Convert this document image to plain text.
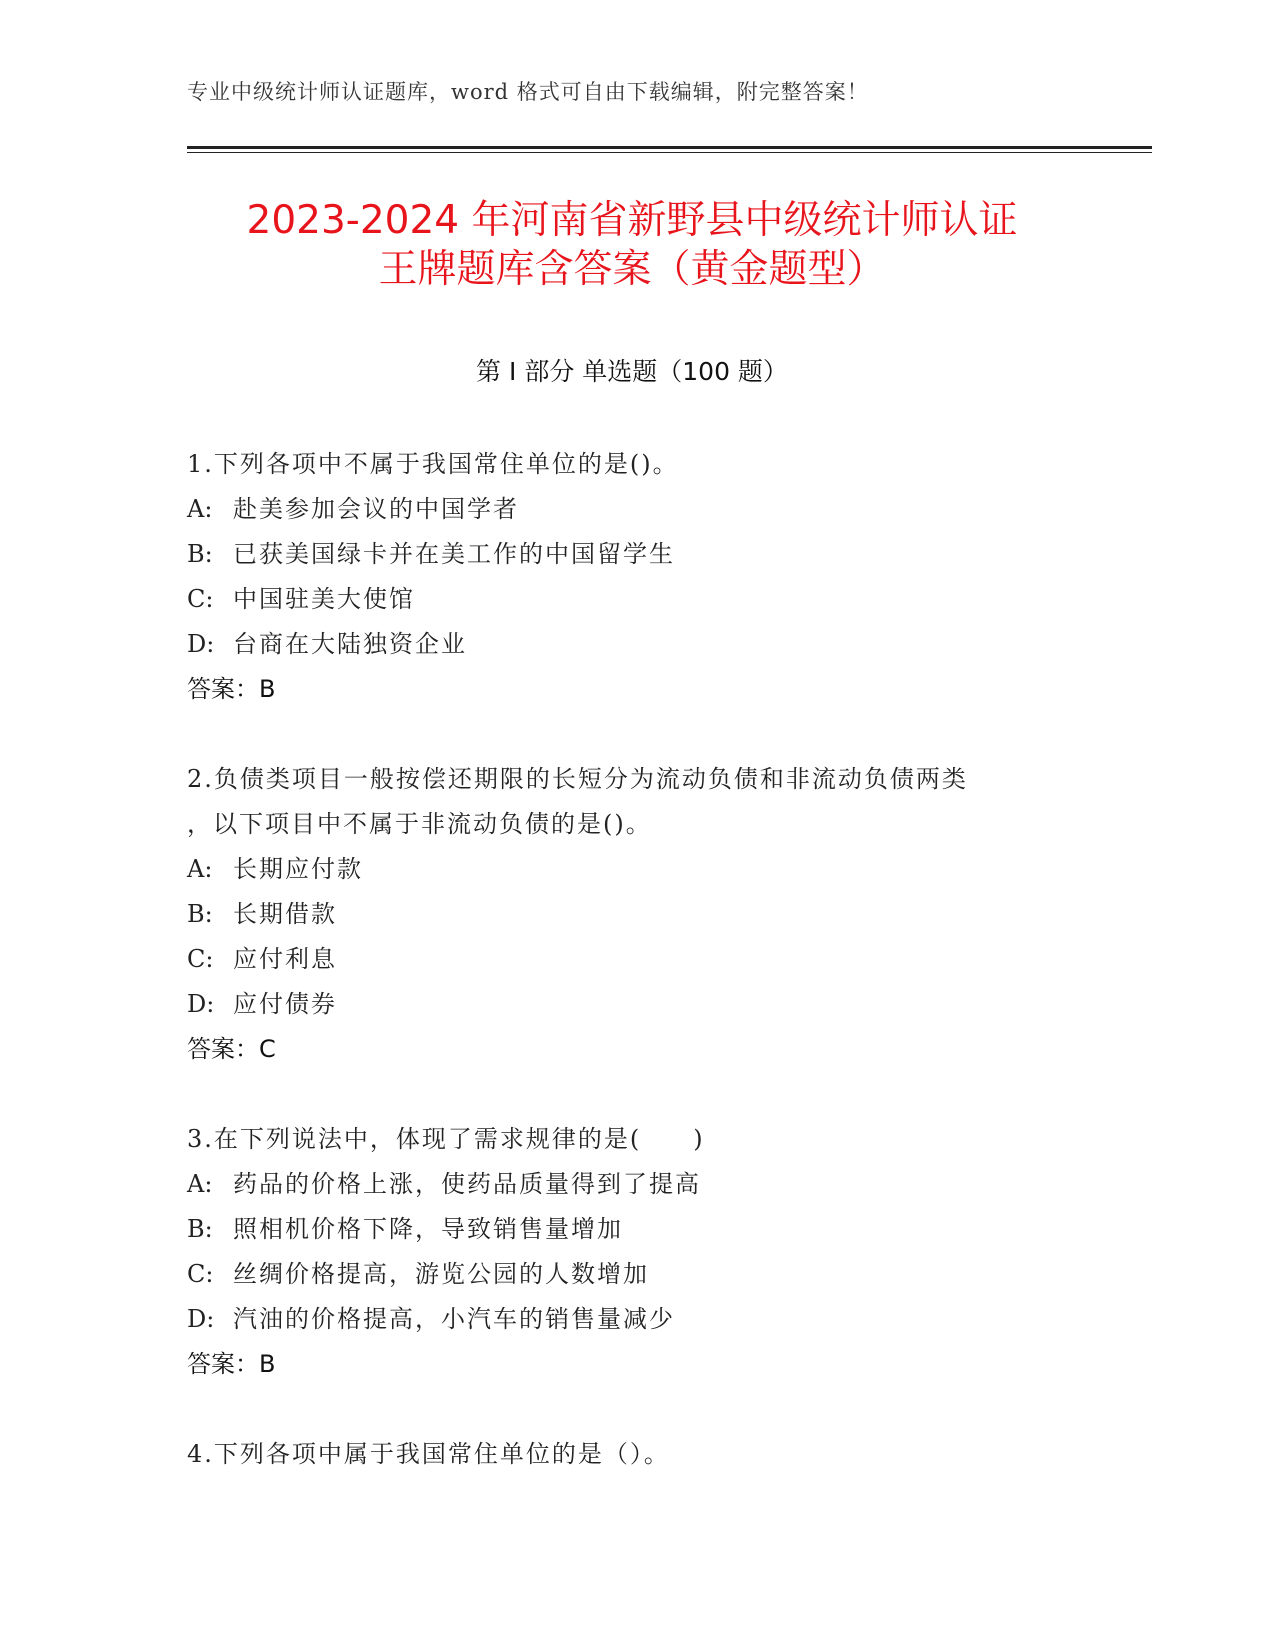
专业中级统计师认证题库，word 格式可自由下载编辑，附完整答案！
2023-2024 年河南省新野县中级统计师认证
王牌题库含答案（黄金题型）
第 I 部分 单选题（100 题）
1.下列各项中不属于我国常住单位的是()。
A: 赴美参加会议的中国学者
B: 已获美国绿卡并在美工作的中国留学生
C: 中国驻美大使馆
D: 台商在大陆独资企业
答案：B
2.负债类项目一般按偿还期限的长短分为流动负债和非流动负债两类
，以下项目中不属于非流动负债的是()。
A: 长期应付款
B: 长期借款
C: 应付利息
D: 应付债券
答案：C
3.在下列说法中，体现了需求规律的是(　　)
A: 药品的价格上涨，使药品质量得到了提高
B: 照相机价格下降，导致销售量增加
C: 丝绸价格提高，游览公园的人数增加
D: 汽油的价格提高，小汽车的销售量减少
答案：B
4.下列各项中属于我国常住单位的是（）。
